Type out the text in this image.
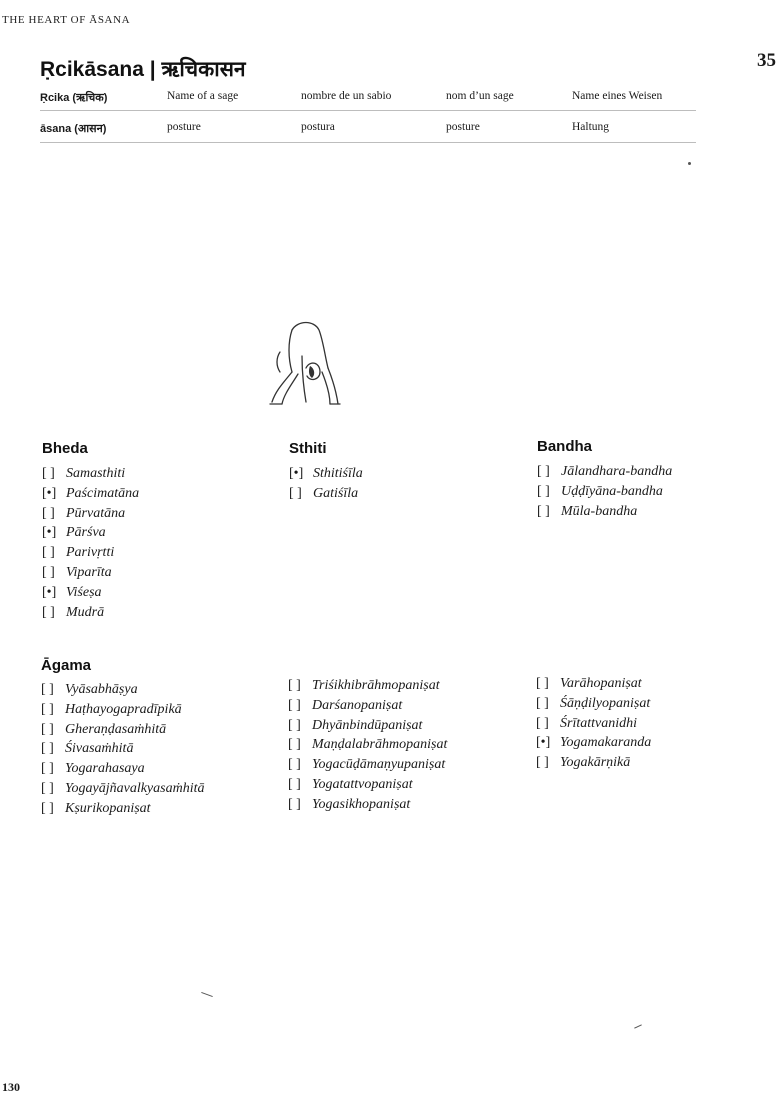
THE HEART OF ĀSANA
35
Ṛcikāsana | ऋचिकासन
Ṛcika (ऋचिक)	Name of a sage	nombre de un sabio	nom d’un sage	Name eines Weisen
āsana (आसन)	posture	postura	posture	Haltung
Bheda
[ ] Samasthiti
[•] Paścimatāna
[ ] Pūrvatāna
[•] Pārśva
[ ] Parivṛtti
[ ] Viparīta
[•] Viśeṣa
[ ] Mudrā
Sthiti
[•] Sthitiśīla
[ ] Gatiśīla
Bandha
[ ] Jālandhara-bandha
[ ] Uḍḍīyāna-bandha
[ ] Mūla-bandha
Āgama
[ ] Vyāsabhāṣya
[ ] Haṭhayogapradīpikā
[ ] Gheraṇḍasaṁhitā
[ ] Śivasaṁhitā
[ ] Yogarahasaya
[ ] Yogayājñavalkyasaṁhitā
[ ] Kṣurikopaniṣat
[ ] Triśikhibrāhmopaniṣat
[ ] Darśanopaniṣat
[ ] Dhyānbindūpaniṣat
[ ] Maṇḍalabrāhmopaniṣat
[ ] Yogacūḍāmaṇyupaniṣat
[ ] Yogatattvopaniṣat
[ ] Yogasikhopaniṣat
[ ] Varāhopaniṣat
[ ] Śāṇḍilyopaniṣat
[ ] Śrītattvanidhi
[•] Yogamakaranda
[ ] Yogakārṇikā
130
